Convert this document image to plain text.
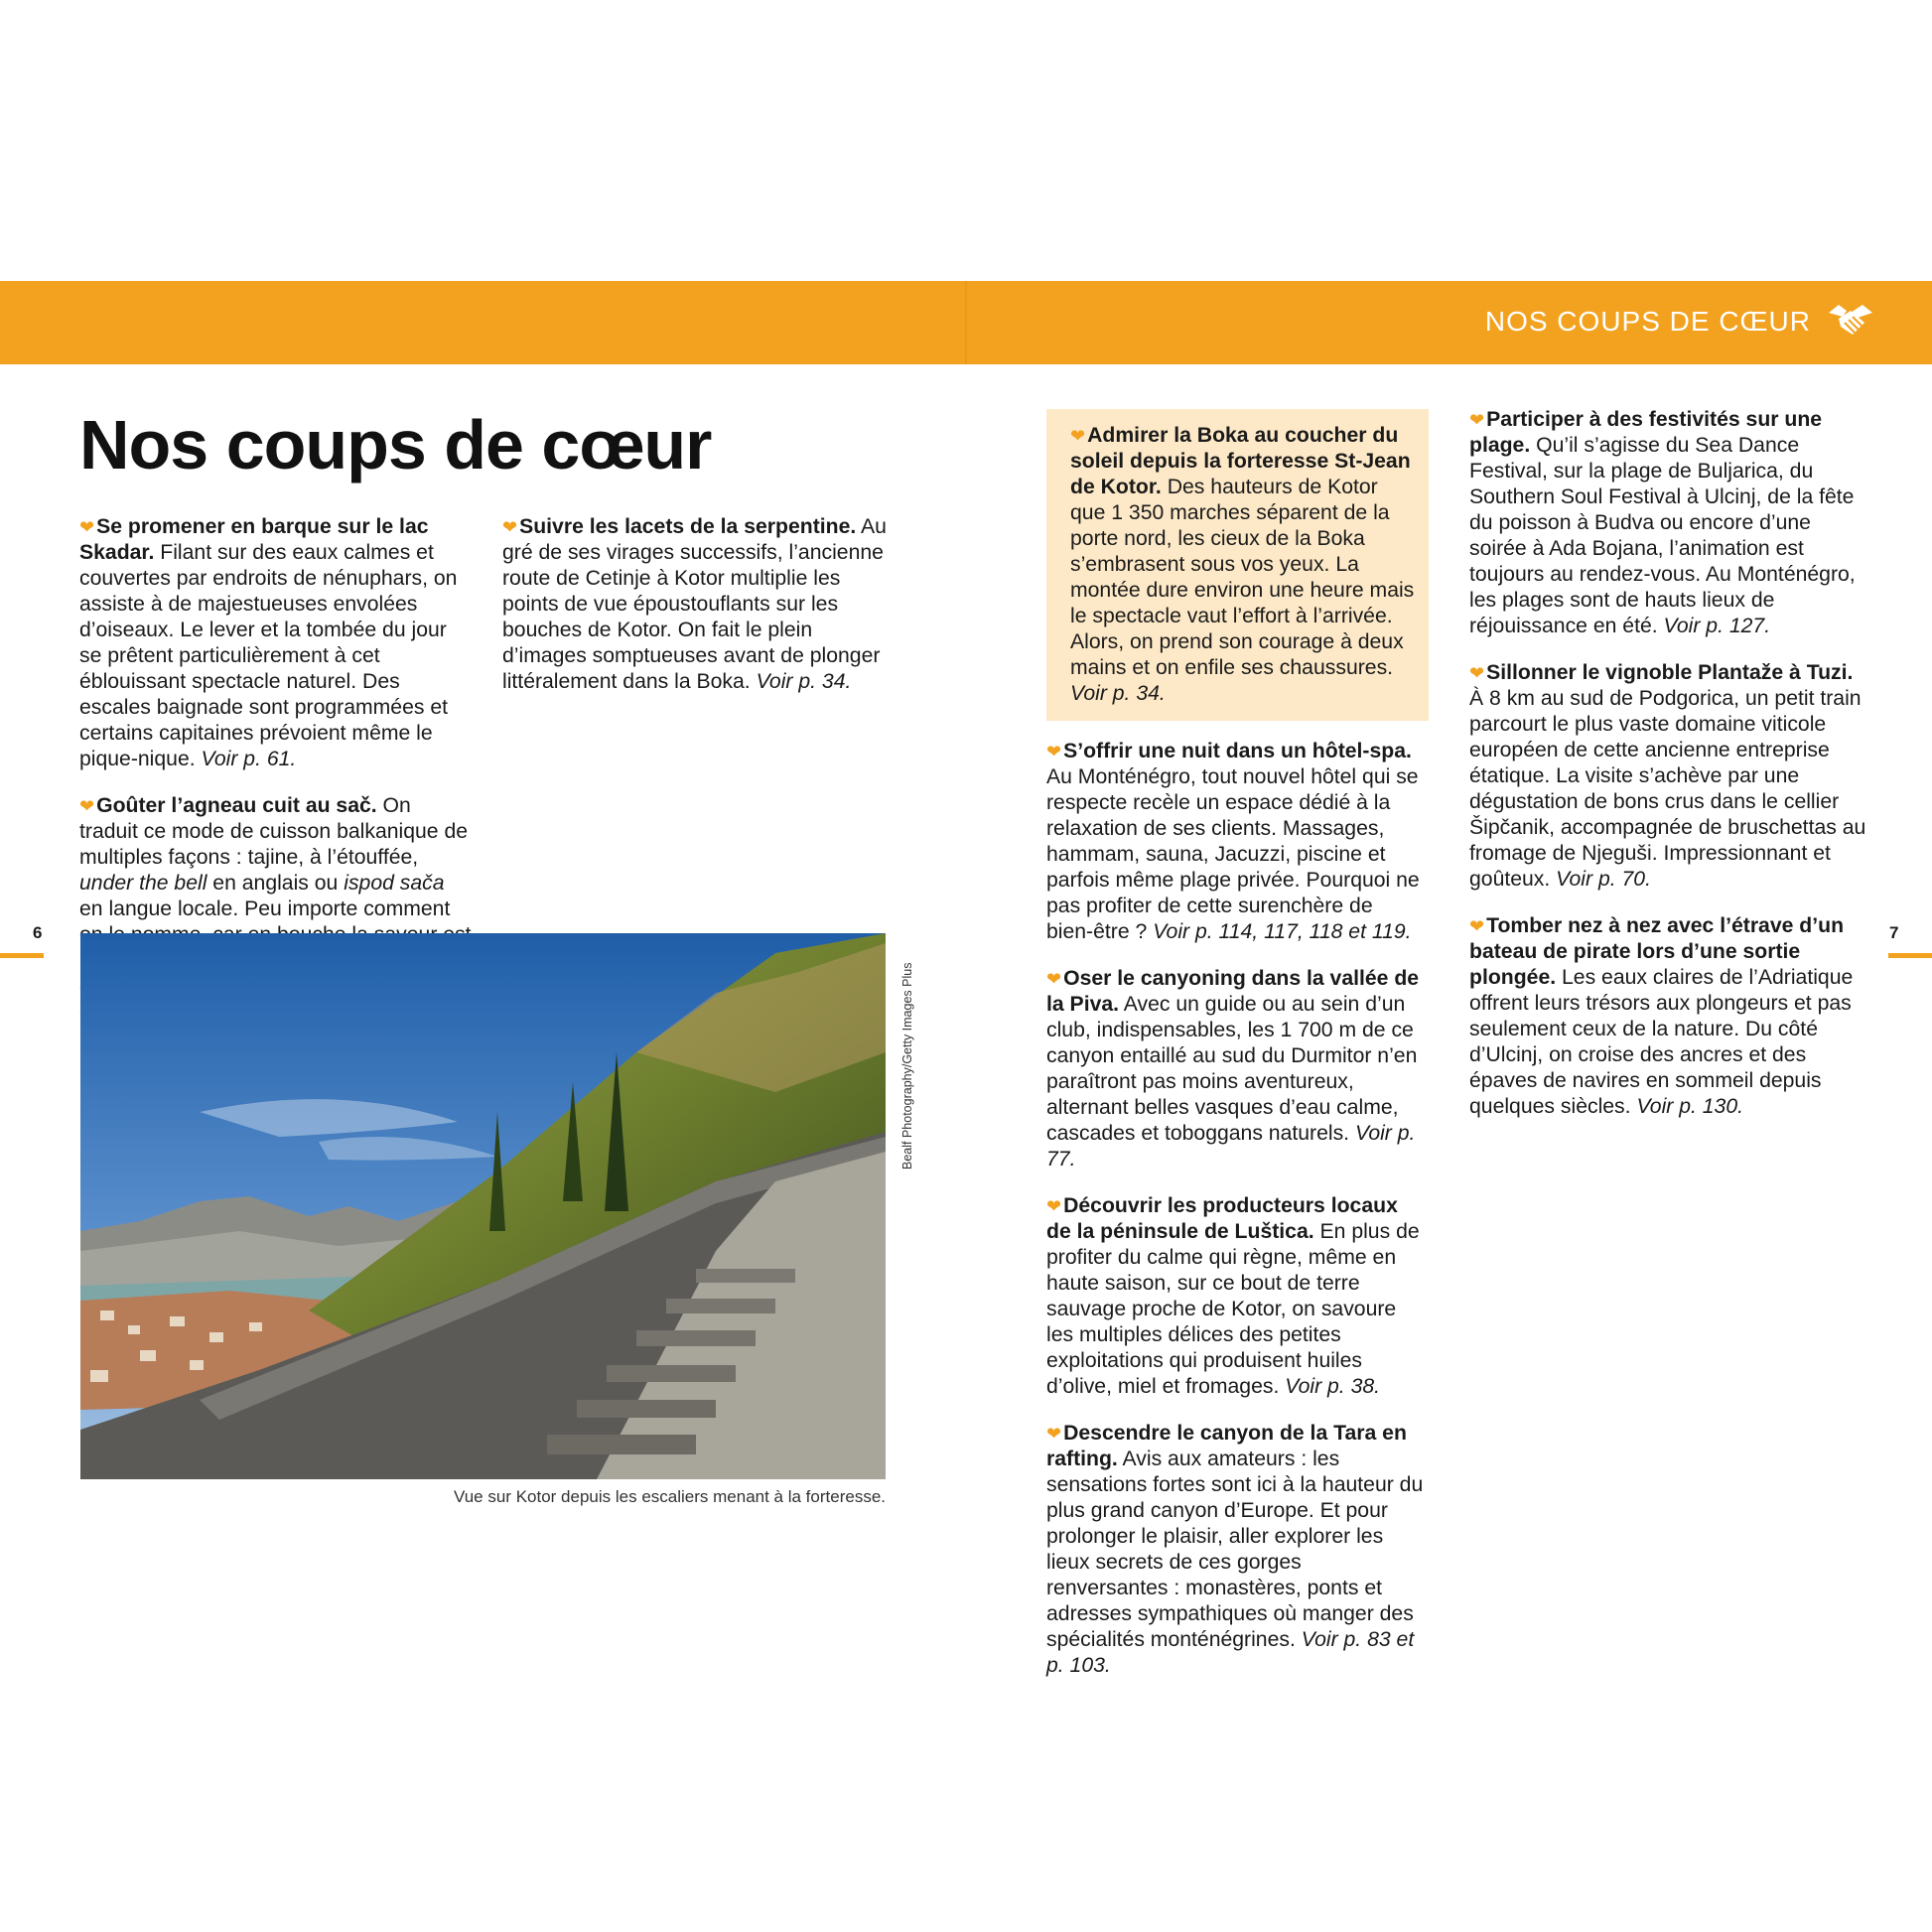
NOS COUPS DE CŒUR
Nos coups de cœur

❤Se promener en barque sur le lac Skadar. Filant sur des eaux calmes et couvertes par endroits de nénuphars, on assiste à de majestueuses envolées d’oiseaux. Le lever et la tombée du jour se prêtent particulièrement à cet éblouissant spectacle naturel. Des escales baignade sont programmées et certains capitaines prévoient même le pique-nique. Voir p. 61.

❤Goûter l’agneau cuit au sač. On traduit ce mode de cuisson balkanique de multiples façons : tajine, à l’étouffée, under the bell en anglais ou ispod sača en langue locale. Peu importe comment

❤Suivre les lacets de la serpentine. Au gré de ses virages successifs, l’ancienne route de Cetinje à Kotor multiplie les points de vue époustouflants sur les bouches de Kotor. On fait le plein d’images somptueuses avant de plonger littéralement dans la Boka. Voir p. 34.

Bealf Photography/Getty Images Plus
Vue sur Kotor depuis les escaliers menant à la forteresse.
6	7
❤Admirer la Boka au coucher du soleil depuis la forteresse St-Jean de Kotor. Des hauteurs de Kotor que 1 350 marches séparent de la porte nord, les cieux de la Boka s’embrasent sous vos yeux. La montée dure environ une heure mais le spectacle vaut l’effort à l’arrivée. Alors, on prend son courage à deux mains et on enfile ses chaussures. Voir p. 34.

❤S’offrir une nuit dans un hôtel-spa. Au Monténégro, tout nouvel hôtel qui se respecte recèle un espace dédié à la relaxation de ses clients. Massages, hammam, sauna, Jacuzzi, piscine et parfois même plage privée. Pourquoi ne pas profiter de cette surenchère de bien-être ? Voir p. 114, 117, 118 et 119.

❤Oser le canyoning dans la vallée de la Piva. Avec un guide ou au sein d’un club, indispensables, les 1 700 m de ce canyon entaillé au sud du Durmitor n’en paraîtront pas moins aventureux, alternant belles vasques d’eau calme, cascades et toboggans naturels. Voir p. 77.

❤Découvrir les producteurs locaux de la péninsule de Luštica. En plus de profiter du calme qui règne, même en haute saison, sur ce bout de terre sauvage proche de Kotor, on savoure les multiples délices des petites exploitations qui produisent huiles d’olive, miel et fromages. Voir p. 38.

❤Descendre le canyon de la Tara en rafting. Avis aux amateurs : les sensations fortes sont ici à la hauteur du plus grand canyon d’Europe. Et pour prolonger le plaisir, aller explorer les lieux secrets de ces gorges renversantes : monastères, ponts et adresses sympathiques où manger des spécialités monténégrines. Voir p. 83 et p. 103.

❤Participer à des festivités sur une plage. Qu’il s’agisse du Sea Dance Festival, sur la plage de Buljarica, du Southern Soul Festival à Ulcinj, de la fête du poisson à Budva ou encore d’une soirée à Ada Bojana, l’animation est toujours au rendez-vous. Au Monténégro, les plages sont de hauts lieux de réjouissance en été. Voir p. 127.

❤Sillonner le vignoble Plantaže à Tuzi. À 8 km au sud de Podgorica, un petit train parcourt le plus vaste domaine viticole européen de cette ancienne entreprise étatique. La visite s’achève par une dégustation de bons crus dans le cellier Šipčanik, accompagnée de bruschettas au fromage de Njeguši. Impressionnant et goûteux. Voir p. 70.

❤Tomber nez à nez avec l’étrave d’un bateau de pirate lors d’une sortie plongée. Les eaux claires de l’Adriatique offrent leurs trésors aux plongeurs et pas seulement ceux de la nature. Du côté d’Ulcinj, on croise des ancres et des épaves de navires en sommeil depuis quelques siècles. Voir p. 130.
